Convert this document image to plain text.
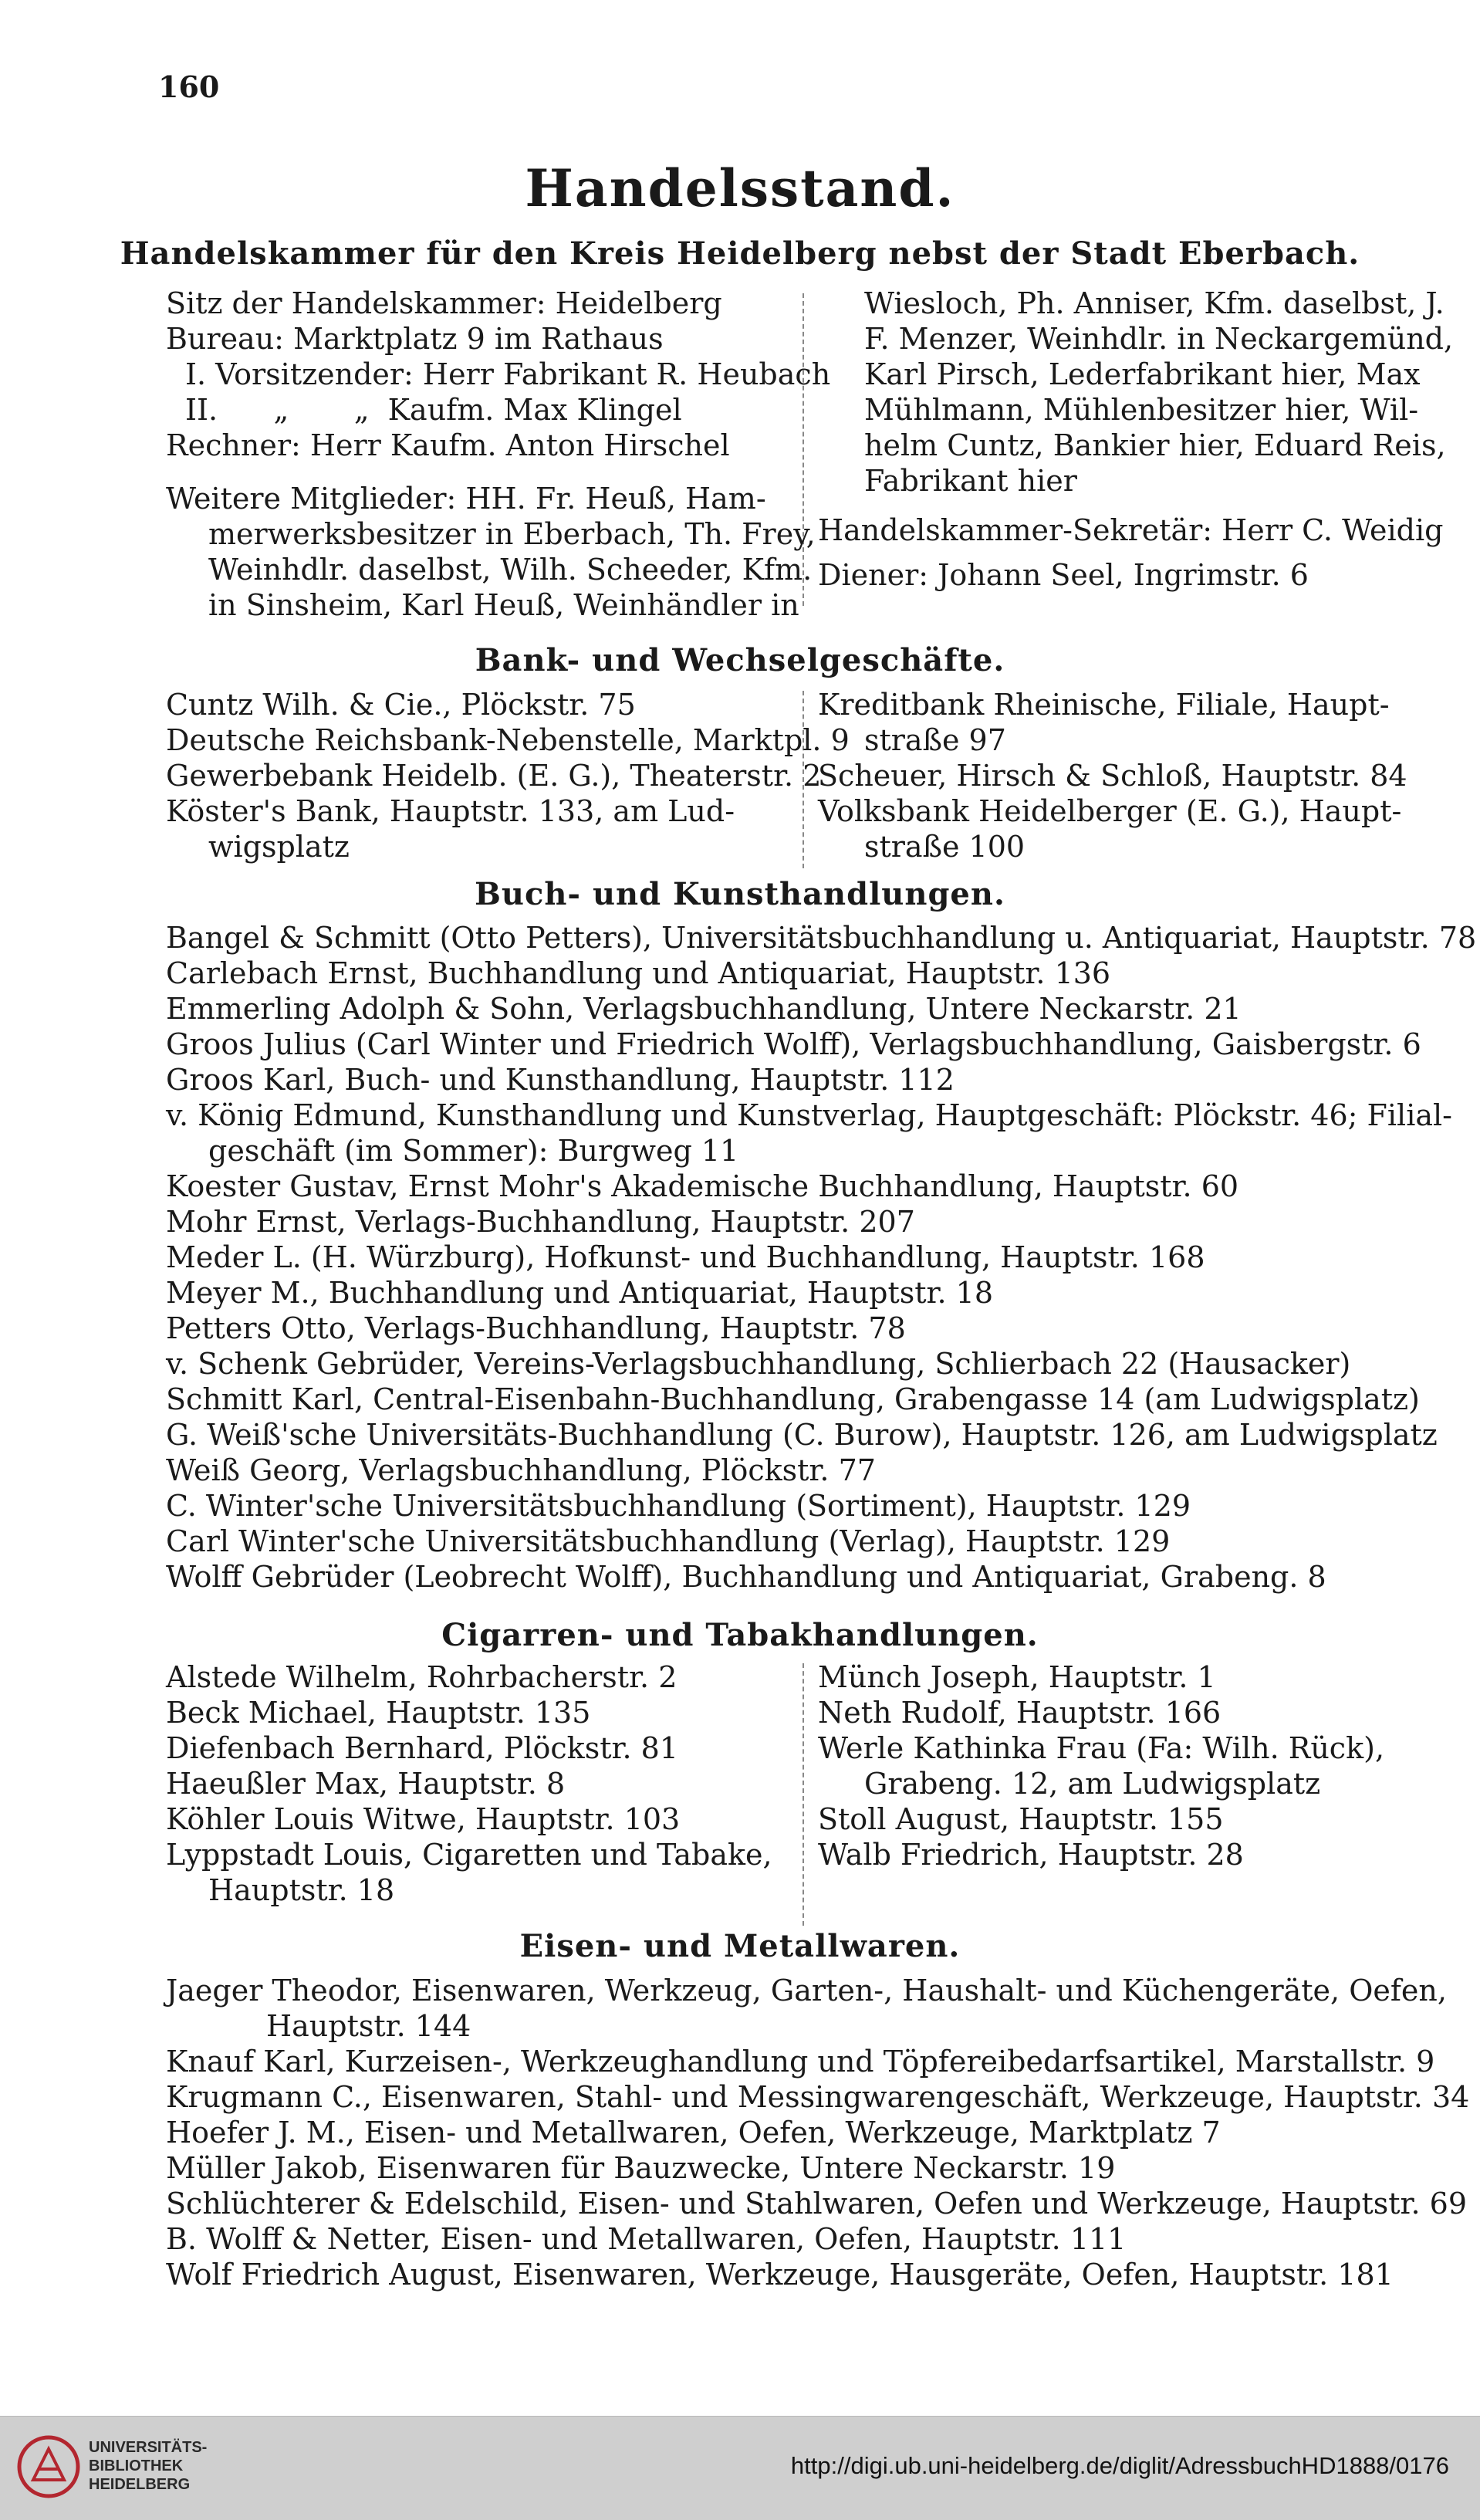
160
Handelsstand.
Handelskammer für den Kreis Heidelberg nebst der Stadt Eberbach.
Sitz der Handelskammer: Heidelberg
Bureau: Marktplatz 9 im Rathaus
I. Vorsitzender: Herr Fabrikant R. Heubach
II.      „       „  Kaufm. Max Klingel
Rechner: Herr Kaufm. Anton Hirschel
Weitere Mitglieder: HH. Fr. Heuß, Ham-
merwerksbesitzer in Eberbach, Th. Frey,
Weinhdlr. daselbst, Wilh. Scheeder, Kfm.
in Sinsheim, Karl Heuß, Weinhändler in
Wiesloch, Ph. Anniser, Kfm. daselbst, J.
F. Menzer, Weinhdlr. in Neckargemünd,
Karl Pirsch, Lederfabrikant hier, Max
Mühlmann, Mühlenbesitzer hier, Wil-
helm Cuntz, Bankier hier, Eduard Reis,
Fabrikant hier
Handelskammer-Sekretär: Herr C. Weidig
Diener: Johann Seel, Ingrimstr. 6
Bank- und Wechselgeschäfte.
Cuntz Wilh. & Cie., Plöckstr. 75
Deutsche Reichsbank-Nebenstelle, Marktpl. 9
Gewerbebank Heidelb. (E. G.), Theaterstr. 2
Köster's Bank, Hauptstr. 133, am Lud-
wigsplatz
Kreditbank Rheinische, Filiale, Haupt-
straße 97
Scheuer, Hirsch & Schloß, Hauptstr. 84
Volksbank Heidelberger (E. G.), Haupt-
straße 100
Buch- und Kunsthandlungen.
Bangel & Schmitt (Otto Petters), Universitätsbuchhandlung u. Antiquariat, Hauptstr. 78
Carlebach Ernst, Buchhandlung und Antiquariat, Hauptstr. 136
Emmerling Adolph & Sohn, Verlagsbuchhandlung, Untere Neckarstr. 21
Groos Julius (Carl Winter und Friedrich Wolff), Verlagsbuchhandlung, Gaisbergstr. 6
Groos Karl, Buch- und Kunsthandlung, Hauptstr. 112
v. König Edmund, Kunsthandlung und Kunstverlag, Hauptgeschäft: Plöckstr. 46; Filial-
geschäft (im Sommer): Burgweg 11
Koester Gustav, Ernst Mohr's Akademische Buchhandlung, Hauptstr. 60
Mohr Ernst, Verlags-Buchhandlung, Hauptstr. 207
Meder L. (H. Würzburg), Hofkunst- und Buchhandlung, Hauptstr. 168
Meyer M., Buchhandlung und Antiquariat, Hauptstr. 18
Petters Otto, Verlags-Buchhandlung, Hauptstr. 78
v. Schenk Gebrüder, Vereins-Verlagsbuchhandlung, Schlierbach 22 (Hausacker)
Schmitt Karl, Central-Eisenbahn-Buchhandlung, Grabengasse 14 (am Ludwigsplatz)
G. Weiß'sche Universitäts-Buchhandlung (C. Burow), Hauptstr. 126, am Ludwigsplatz
Weiß Georg, Verlagsbuchhandlung, Plöckstr. 77
C. Winter'sche Universitätsbuchhandlung (Sortiment), Hauptstr. 129
Carl Winter'sche Universitätsbuchhandlung (Verlag), Hauptstr. 129
Wolff Gebrüder (Leobrecht Wolff), Buchhandlung und Antiquariat, Grabeng. 8
Cigarren- und Tabakhandlungen.
Alstede Wilhelm, Rohrbacherstr. 2
Beck Michael, Hauptstr. 135
Diefenbach Bernhard, Plöckstr. 81
Haeußler Max, Hauptstr. 8
Köhler Louis Witwe, Hauptstr. 103
Lyppstadt Louis, Cigaretten und Tabake,
Hauptstr. 18
Münch Joseph, Hauptstr. 1
Neth Rudolf, Hauptstr. 166
Werle Kathinka Frau (Fa: Wilh. Rück),
Grabeng. 12, am Ludwigsplatz
Stoll August, Hauptstr. 155
Walb Friedrich, Hauptstr. 28
Eisen- und Metallwaren.
Jaeger Theodor, Eisenwaren, Werkzeug, Garten-, Haushalt- und Küchengeräte, Oefen,
Hauptstr. 144
Knauf Karl, Kurzeisen-, Werkzeughandlung und Töpfereibedarfsartikel, Marstallstr. 9
Krugmann C., Eisenwaren, Stahl- und Messingwarengeschäft, Werkzeuge, Hauptstr. 34
Hoefer J. M., Eisen- und Metallwaren, Oefen, Werkzeuge, Marktplatz 7
Müller Jakob, Eisenwaren für Bauzwecke, Untere Neckarstr. 19
Schlüchterer & Edelschild, Eisen- und Stahlwaren, Oefen und Werkzeuge, Hauptstr. 69
B. Wolff & Netter, Eisen- und Metallwaren, Oefen, Hauptstr. 111
Wolf Friedrich August, Eisenwaren, Werkzeuge, Hausgeräte, Oefen, Hauptstr. 181
UNIVERSITÄTS-
BIBLIOTHEK
HEIDELBERG
http://digi.ub.uni-heidelberg.de/diglit/AdressbuchHD1888/0176
